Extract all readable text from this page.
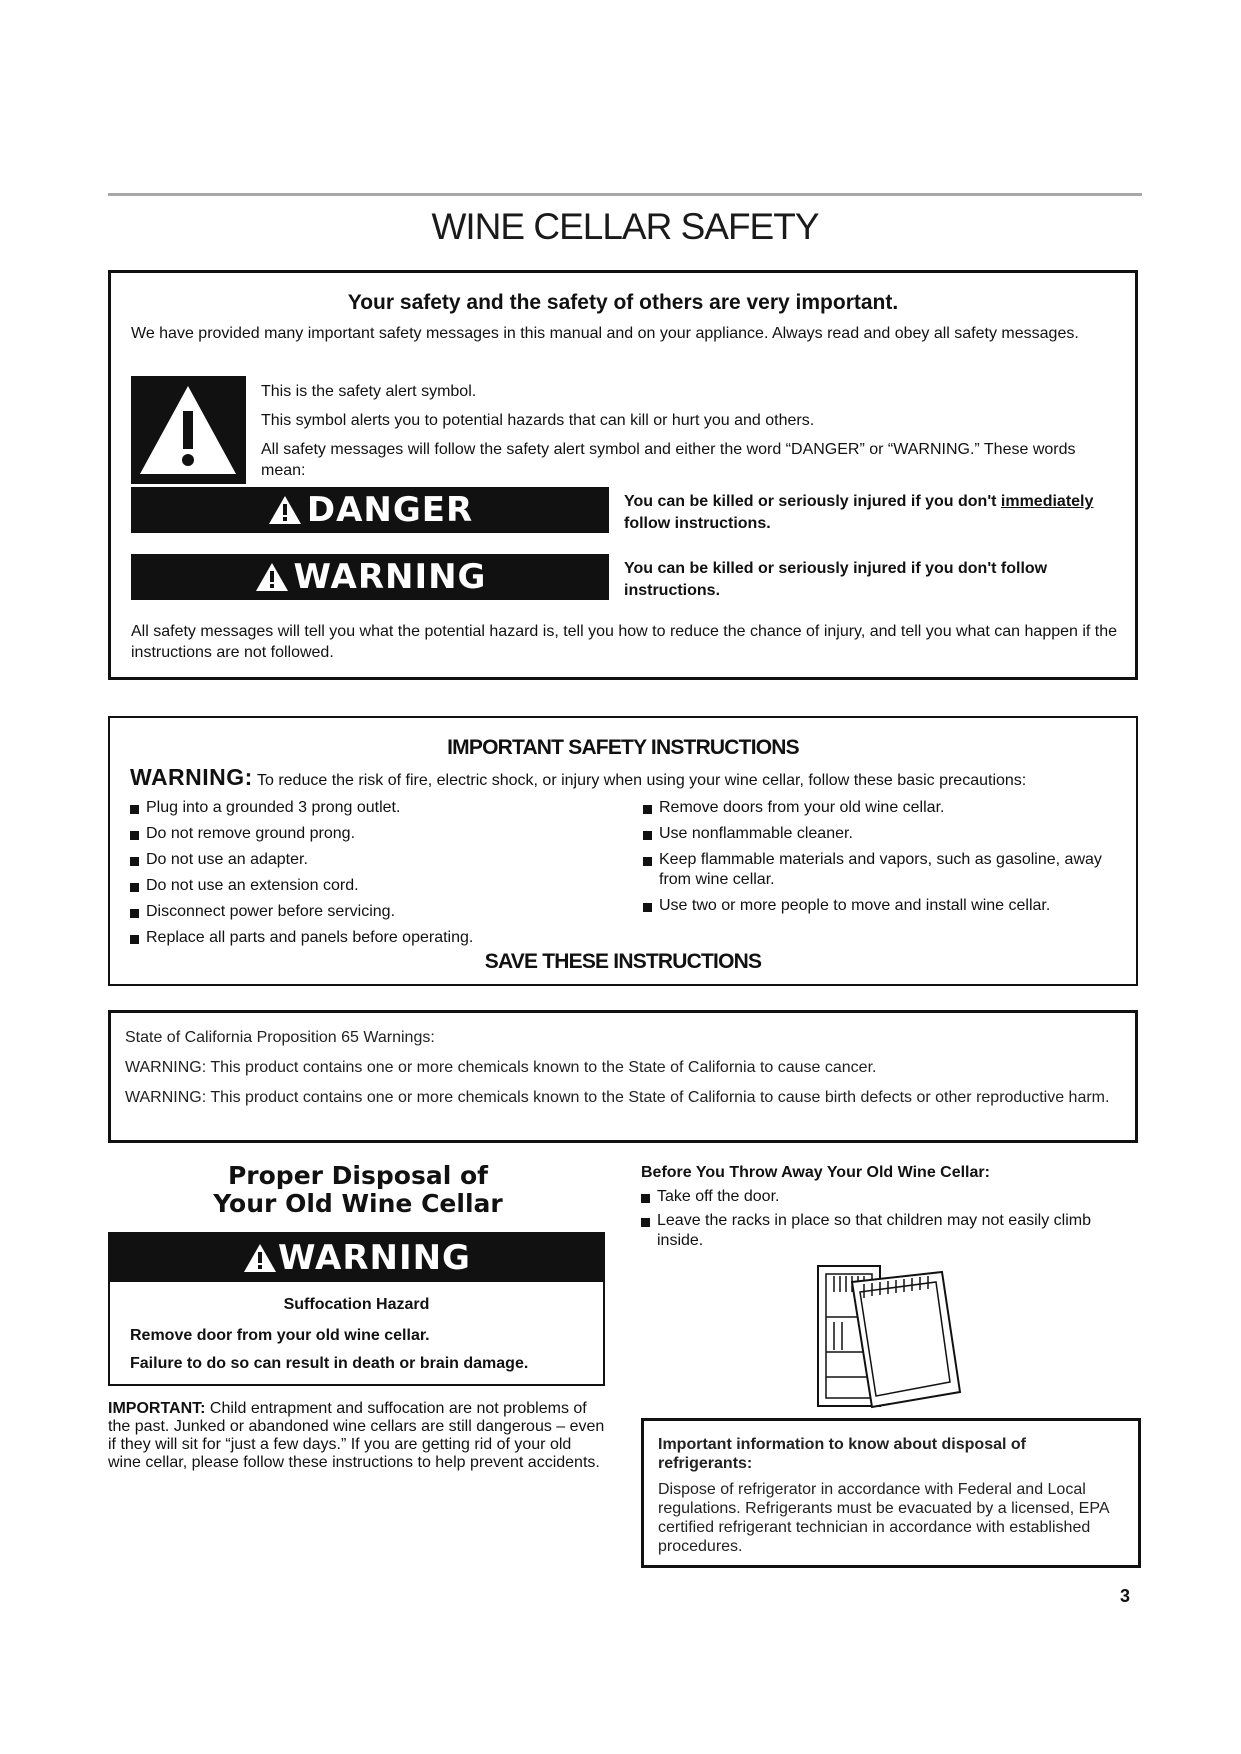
WINE CELLAR SAFETY
Your safety and the safety of others are very important.
We have provided many important safety messages in this manual and on your appliance. Always read and obey all safety messages.
This is the safety alert symbol.
This symbol alerts you to potential hazards that can kill or hurt you and others.
All safety messages will follow the safety alert symbol and either the word “DANGER” or “WARNING.” These words mean:
DANGER	You can be killed or seriously injured if you don't immediately follow instructions.
WARNING	You can be killed or seriously injured if you don't follow instructions.
All safety messages will tell you what the potential hazard is, tell you how to reduce the chance of injury, and tell you what can happen if the instructions are not followed.
IMPORTANT SAFETY INSTRUCTIONS
WARNING: To reduce the risk of fire, electric shock, or injury when using your wine cellar, follow these basic precautions:
Plug into a grounded 3 prong outlet.
Do not remove ground prong.
Do not use an adapter.
Do not use an extension cord.
Disconnect power before servicing.
Replace all parts and panels before operating.
Remove doors from your old wine cellar.
Use nonflammable cleaner.
Keep flammable materials and vapors, such as gasoline, away from wine cellar.
Use two or more people to move and install wine cellar.
SAVE THESE INSTRUCTIONS
State of California Proposition 65 Warnings:
WARNING: This product contains one or more chemicals known to the State of California to cause cancer.
WARNING: This product contains one or more chemicals known to the State of California to cause birth defects or other reproductive harm.
Proper Disposal of
Your Old Wine Cellar
WARNING
Suffocation Hazard
Remove door from your old wine cellar.
Failure to do so can result in death or brain damage.
IMPORTANT: Child entrapment and suffocation are not problems of the past. Junked or abandoned wine cellars are still dangerous – even if they will sit for “just a few days.” If you are getting rid of your old wine cellar, please follow these instructions to help prevent accidents.
Before You Throw Away Your Old Wine Cellar:
Take off the door.
Leave the racks in place so that children may not easily climb inside.
Important information to know about disposal of refrigerants:
Dispose of refrigerator in accordance with Federal and Local regulations. Refrigerants must be evacuated by a licensed, EPA certified refrigerant technician in accordance with established procedures.
3
